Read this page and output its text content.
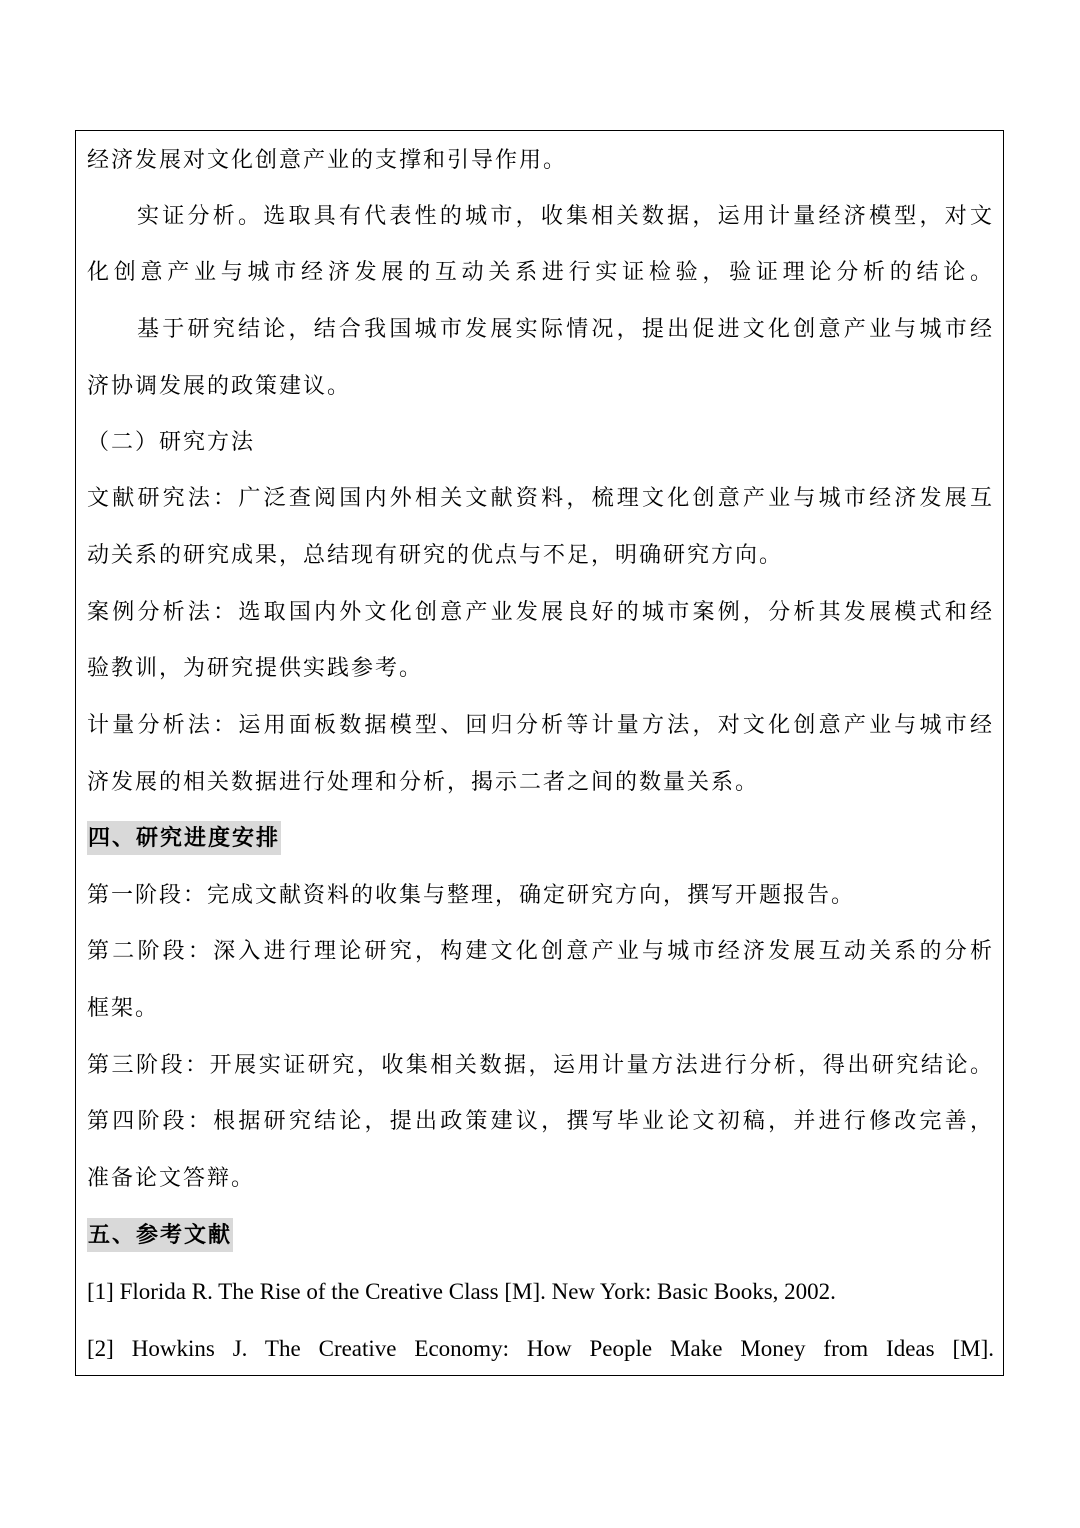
经济发展对文化创意产业的支撑和引导作用。
实证分析。选取具有代表性的城市，收集相关数据，运用计量经济模型，对文
化创意产业与城市经济发展的互动关系进行实证检验，验证理论分析的结论。
基于研究结论，结合我国城市发展实际情况，提出促进文化创意产业与城市经
济协调发展的政策建议。
（二）研究方法
文献研究法：广泛查阅国内外相关文献资料，梳理文化创意产业与城市经济发展互
动关系的研究成果，总结现有研究的优点与不足，明确研究方向。
案例分析法：选取国内外文化创意产业发展良好的城市案例，分析其发展模式和经
验教训，为研究提供实践参考。
计量分析法：运用面板数据模型、回归分析等计量方法，对文化创意产业与城市经
济发展的相关数据进行处理和分析，揭示二者之间的数量关系。
四、研究进度安排
第一阶段：完成文献资料的收集与整理，确定研究方向，撰写开题报告。
第二阶段：深入进行理论研究，构建文化创意产业与城市经济发展互动关系的分析
框架。
第三阶段：开展实证研究，收集相关数据，运用计量方法进行分析，得出研究结论。
第四阶段：根据研究结论，提出政策建议，撰写毕业论文初稿，并进行修改完善，
准备论文答辩。
五、参考文献
[1] Florida R. The Rise of the Creative Class [M]. New York: Basic Books, 2002.
[2] Howkins J. The Creative Economy: How People Make Money from Ideas [M].
